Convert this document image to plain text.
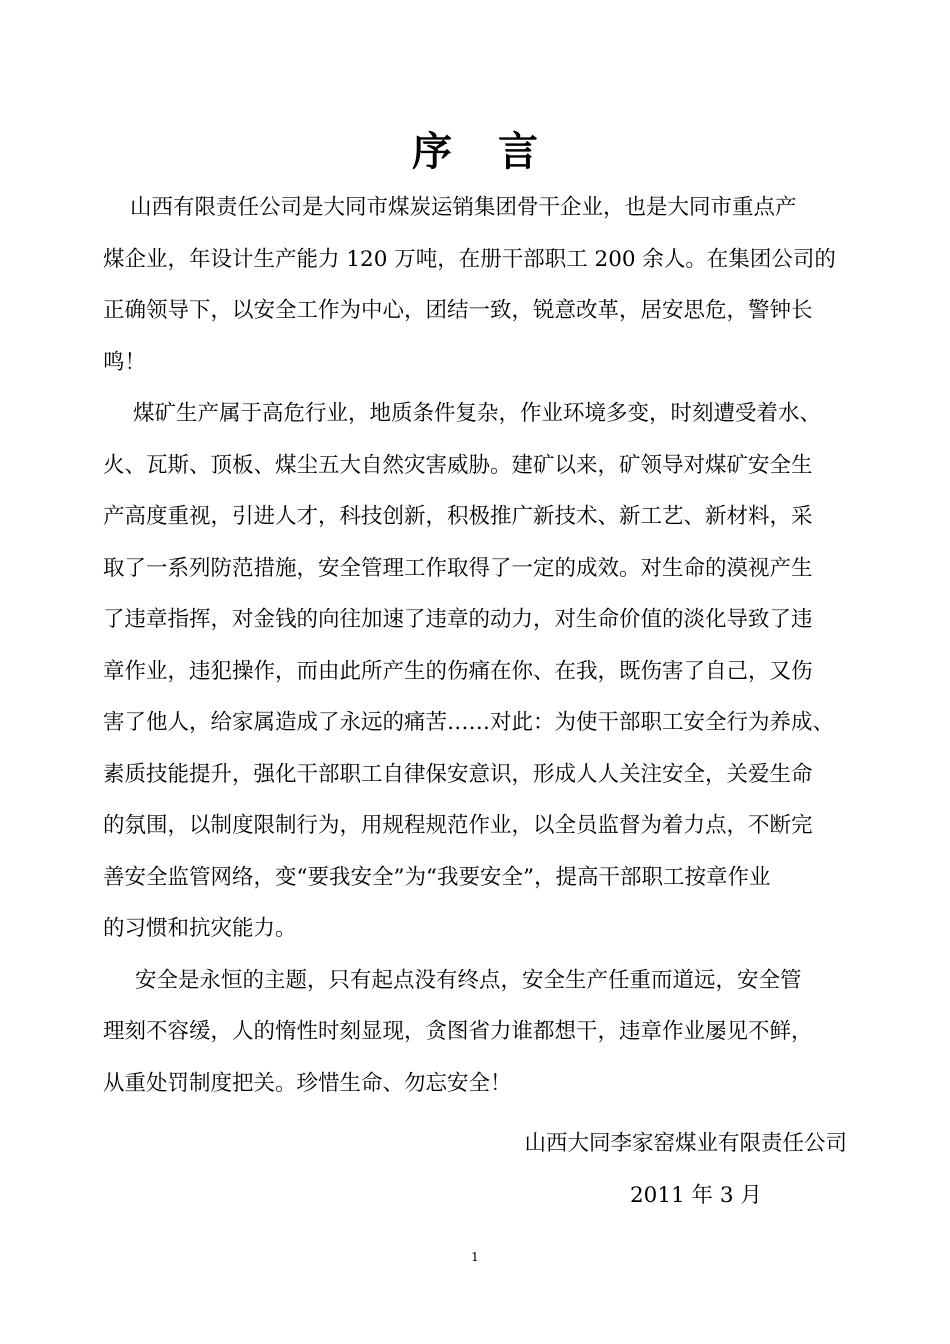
序言

山西有限责任公司是大同市煤炭运销集团骨干企业，也是大同市重点产
煤企业，年设计生产能力 120 万吨，在册干部职工 200 余人。在集团公司的
正确领导下，以安全工作为中心，团结一致，锐意改革，居安思危，警钟长
鸣！

煤矿生产属于高危行业，地质条件复杂，作业环境多变，时刻遭受着水、
火、瓦斯、顶板、煤尘五大自然灾害威胁。建矿以来，矿领导对煤矿安全生
产高度重视，引进人才，科技创新，积极推广新技术、新工艺、新材料，采
取了一系列防范措施，安全管理工作取得了一定的成效。对生命的漠视产生
了违章指挥，对金钱的向往加速了违章的动力，对生命价值的淡化导致了违
章作业，违犯操作，而由此所产生的伤痛在你、在我，既伤害了自己，又伤
害了他人，给家属造成了永远的痛苦……对此：为使干部职工安全行为养成、
素质技能提升，强化干部职工自律保安意识，形成人人关注安全，关爱生命
的氛围，以制度限制行为，用规程规范作业，以全员监督为着力点，不断完
善安全监管网络，变“要我安全”为“我要安全”，提高干部职工按章作业
的习惯和抗灾能力。

安全是永恒的主题，只有起点没有终点，安全生产任重而道远，安全管
理刻不容缓，人的惰性时刻显现，贪图省力谁都想干，违章作业屡见不鲜，
从重处罚制度把关。珍惜生命、勿忘安全！

山西大同李家窑煤业有限责任公司
2011 年 3 月
1
